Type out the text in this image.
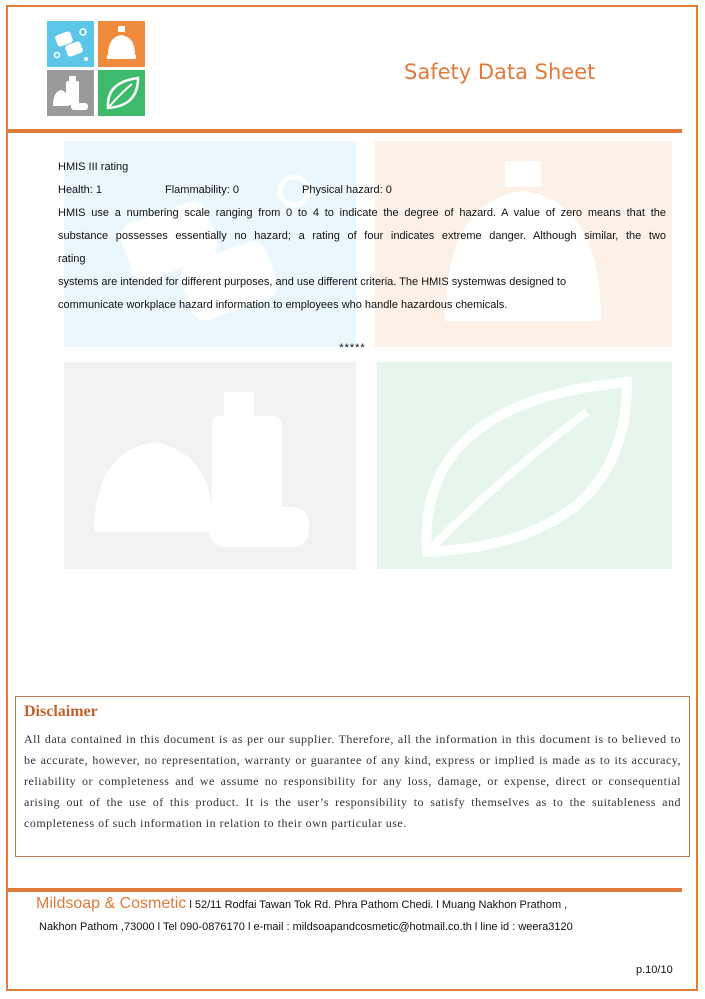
Safety Data Sheet

HMIS III rating

Health: 1	Flammability: 0	Physical hazard: 0

HMIS use a numbering scale ranging from 0 to 4 to indicate the degree of hazard. A value of zero means that the

substance possesses essentially no hazard; a rating of four indicates extreme danger. Although similar, the two

rating

systems are intended for different purposes, and use different criteria. The HMIS systemwas designed to

communicate workplace hazard information to employees who handle hazardous chemicals.

*****

Disclaimer

All data contained in this document is as per our supplier. Therefore, all the information in this document is to believed to be accurate, however, no representation, warranty or guarantee of any kind, express or implied is made as to its accuracy, reliability or completeness and we assume no responsibility for any loss, damage, or expense, direct or consequential arising out of the use of this product. It is the user’s responsibility to satisfy themselves as to the suitableness and completeness of such information in relation to their own particular use.

Mildsoap & Cosmetic l 52/11 Rodfai Tawan Tok Rd. Phra Pathom Chedi. l Muang Nakhon Prathom ,
Nakhon Pathom ,73000 l Tel 090-0876170 l e-mail : mildsoapandcosmetic@hotmail.co.th l line id : weera3120
p.10/10
